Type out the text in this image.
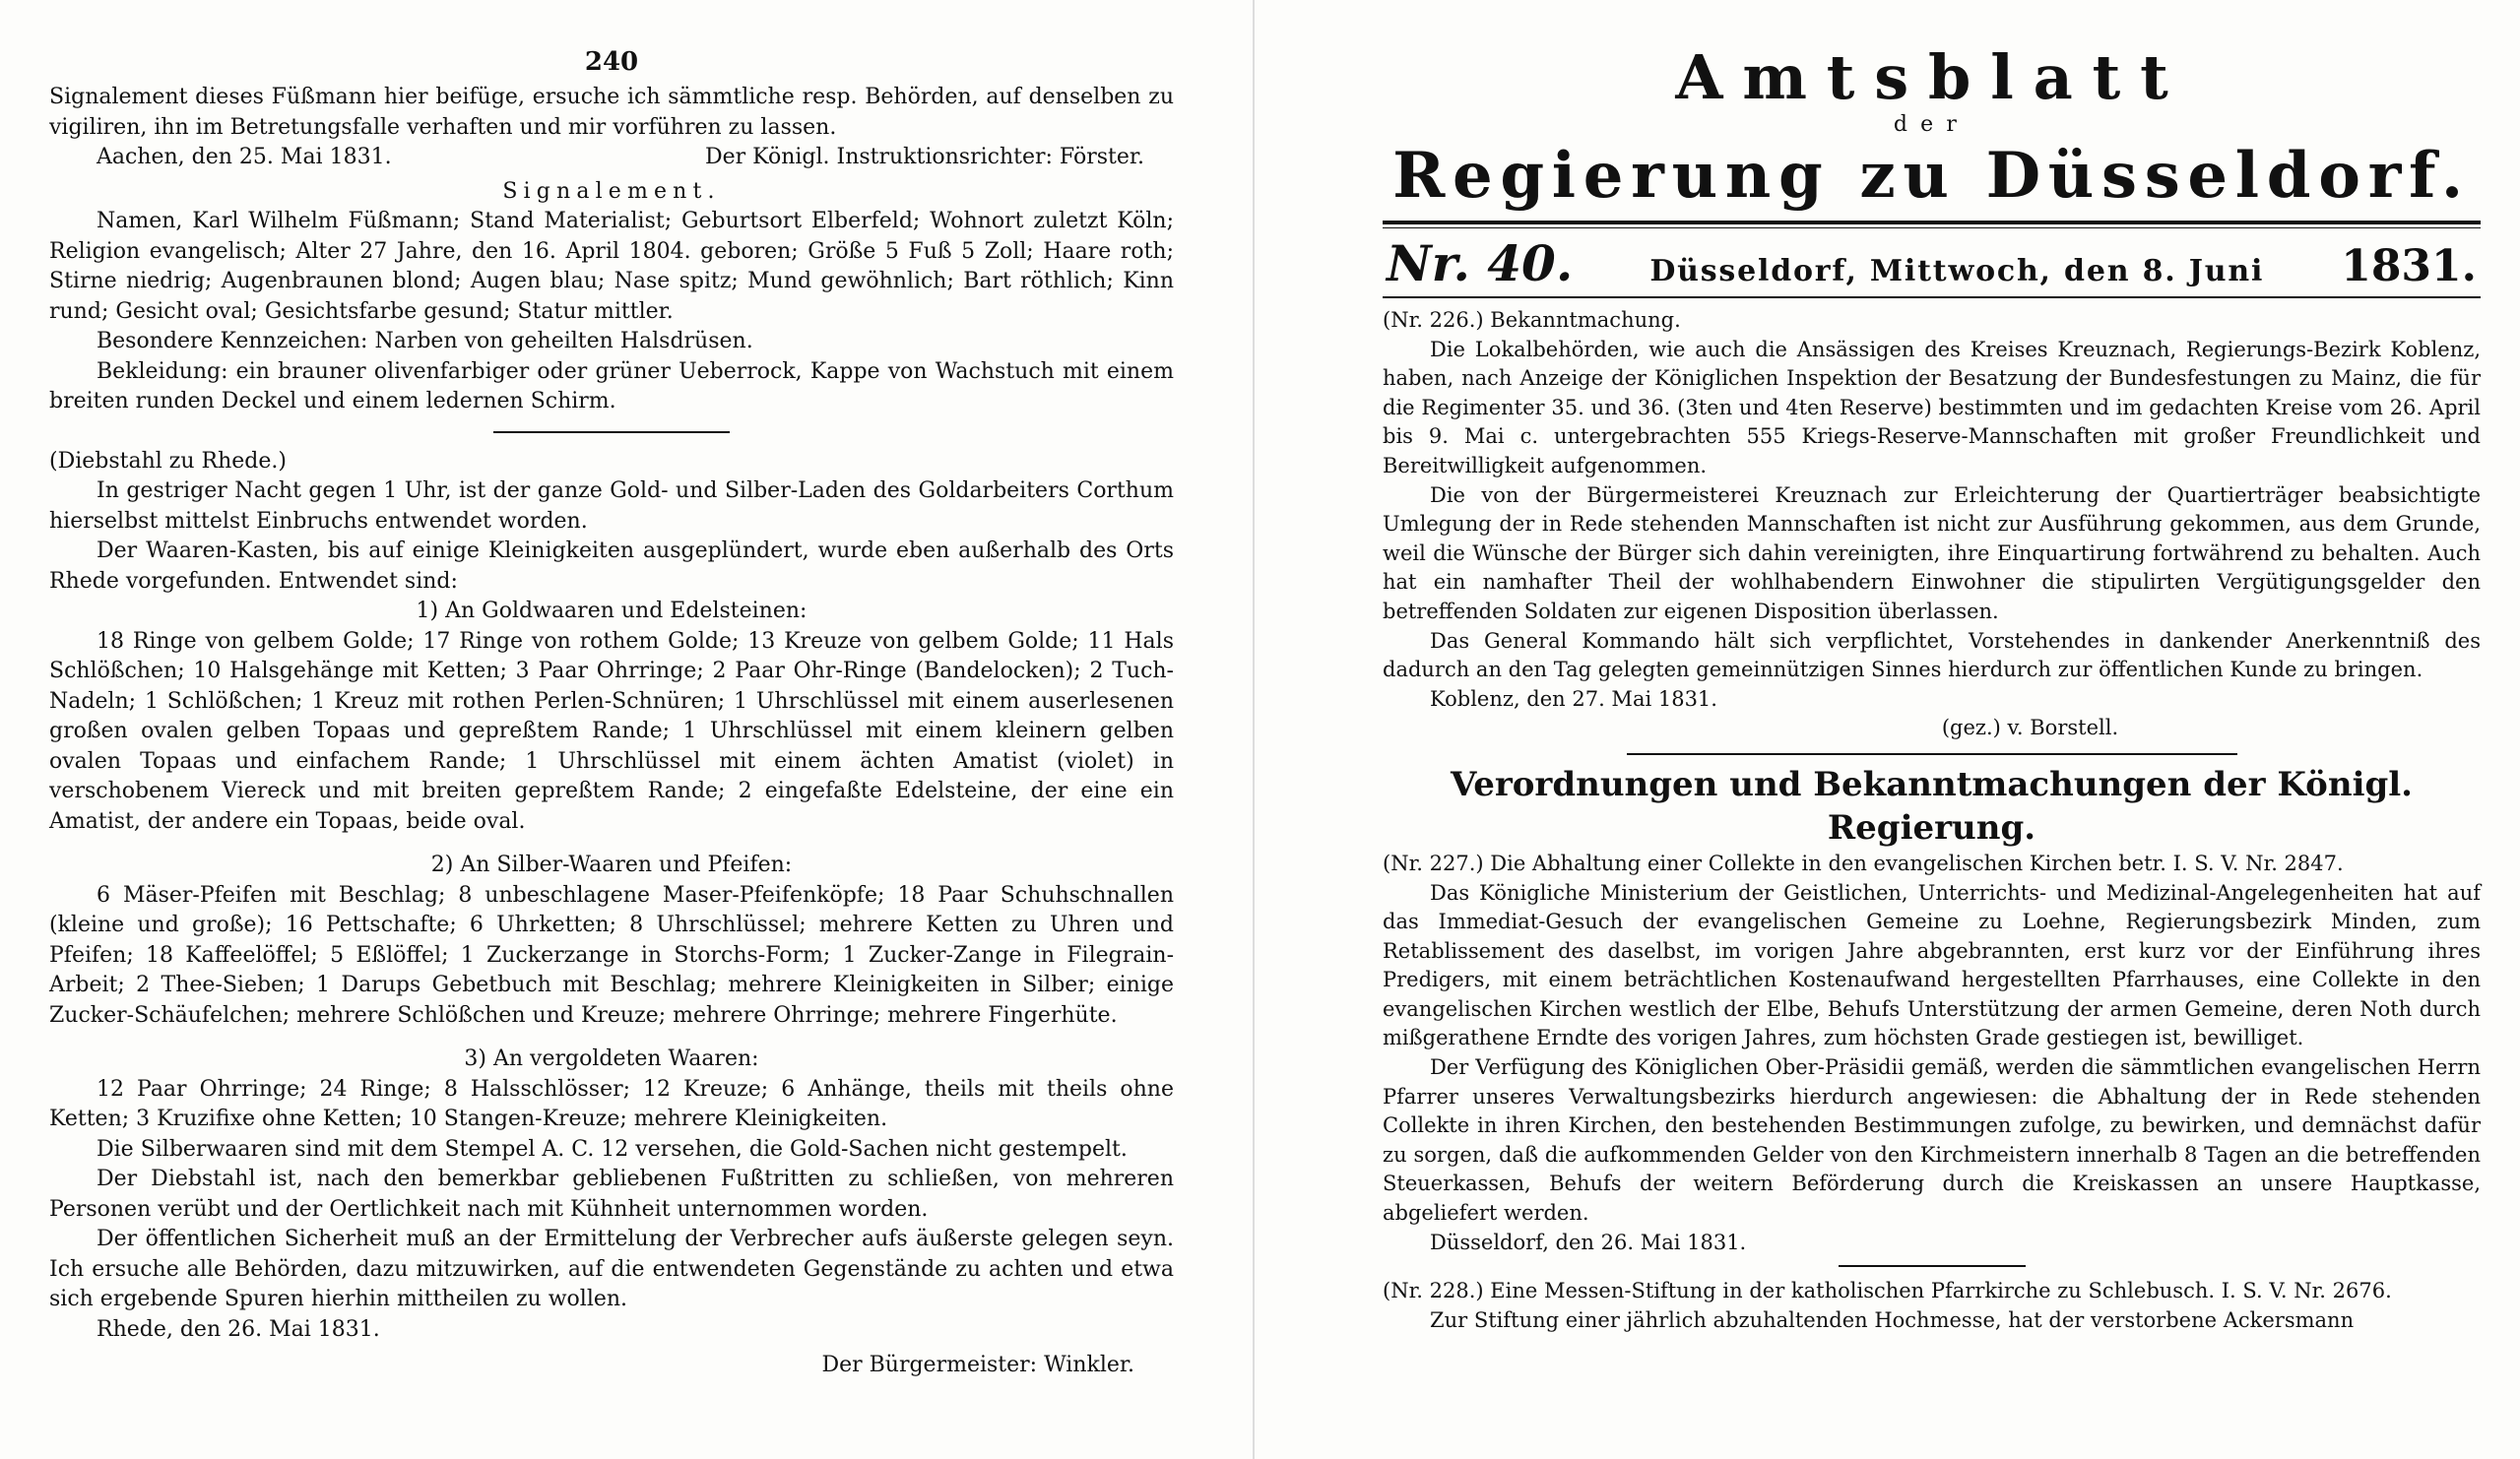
240

Signalement dieses Füßmann hier beifüge, ersuche ich sämmtliche resp. Behörden, auf denselben zu vigiliren, ihn im Betretungsfalle verhaften und mir vorführen zu lassen.

Aachen, den 25. Mai 1831.	Der Königl. Instruktionsrichter: Förster.

Signalement.

Namen, Karl Wilhelm Füßmann; Stand Materialist; Geburtsort Elberfeld; Wohnort zuletzt Köln; Religion evangelisch; Alter 27 Jahre, den 16. April 1804. geboren; Größe 5 Fuß 5 Zoll; Haare roth; Stirne niedrig; Augenbraunen blond; Augen blau; Nase spitz; Mund gewöhnlich; Bart röthlich; Kinn rund; Gesicht oval; Gesichtsfarbe gesund; Statur mittler.

Besondere Kennzeichen: Narben von geheilten Halsdrüsen.

Bekleidung: ein brauner olivenfarbiger oder grüner Ueberrock, Kappe von Wachstuch mit einem breiten runden Deckel und einem ledernen Schirm.

(Diebstahl zu Rhede.)

In gestriger Nacht gegen 1 Uhr, ist der ganze Gold- und Silber-Laden des Goldarbeiters Corthum hierselbst mittelst Einbruchs entwendet worden.

Der Waaren-Kasten, bis auf einige Kleinigkeiten ausgeplündert, wurde eben außerhalb des Orts Rhede vorgefunden. Entwendet sind:

1) An Goldwaaren und Edelsteinen:

18 Ringe von gelbem Golde; 17 Ringe von rothem Golde; 13 Kreuze von gelbem Golde; 11 Hals Schlößchen; 10 Halsgehänge mit Ketten; 3 Paar Ohrringe; 2 Paar Ohr-Ringe (Bandelocken); 2 Tuch-Nadeln; 1 Schlößchen; 1 Kreuz mit rothen Perlen-Schnüren; 1 Uhrschlüssel mit einem auserlesenen großen ovalen gelben Topaas und gepreßtem Rande; 1 Uhrschlüssel mit einem kleinern gelben ovalen Topaas und einfachem Rande; 1 Uhrschlüssel mit einem ächten Amatist (violet) in verschobenem Viereck und mit breiten gepreßtem Rande; 2 eingefaßte Edelsteine, der eine ein Amatist, der andere ein Topaas, beide oval.

2) An Silber-Waaren und Pfeifen:

6 Mäser-Pfeifen mit Beschlag; 8 unbeschlagene Maser-Pfeifenköpfe; 18 Paar Schuhschnallen (kleine und große); 16 Pettschafte; 6 Uhrketten; 8 Uhrschlüssel; mehrere Ketten zu Uhren und Pfeifen; 18 Kaffeelöffel; 5 Eßlöffel; 1 Zuckerzange in Storchs-Form; 1 Zucker-Zange in Filegrain-Arbeit; 2 Thee-Sieben; 1 Darups Gebetbuch mit Beschlag; mehrere Kleinigkeiten in Silber; einige Zucker-Schäufelchen; mehrere Schlößchen und Kreuze; mehrere Ohrringe; mehrere Fingerhüte.

3) An vergoldeten Waaren:

12 Paar Ohrringe; 24 Ringe; 8 Halsschlösser; 12 Kreuze; 6 Anhänge, theils mit theils ohne Ketten; 3 Kruzifixe ohne Ketten; 10 Stangen-Kreuze; mehrere Kleinigkeiten.

Die Silberwaaren sind mit dem Stempel A. C. 12 versehen, die Gold-Sachen nicht gestempelt.

Der Diebstahl ist, nach den bemerkbar gebliebenen Fußtritten zu schließen, von mehreren Personen verübt und der Oertlichkeit nach mit Kühnheit unternommen worden.

Der öffentlichen Sicherheit muß an der Ermittelung der Verbrecher aufs äußerste gelegen seyn. Ich ersuche alle Behörden, dazu mitzuwirken, auf die entwendeten Gegenstände zu achten und etwa sich ergebende Spuren hierhin mittheilen zu wollen.

Rhede, den 26. Mai 1831.

Der Bürgermeister: Winkler.

Amtsblatt
der
Regierung zu Düsseldorf.
Nr. 40.	Düsseldorf, Mittwoch, den 8. Juni 1831.

(Nr. 226.) Bekanntmachung.

Die Lokalbehörden, wie auch die Ansässigen des Kreises Kreuznach, Regierungs-Bezirk Koblenz, haben, nach Anzeige der Königlichen Inspektion der Besatzung der Bundesfestungen zu Mainz, die für die Regimenter 35. und 36. (3ten und 4ten Reserve) bestimmten und im gedachten Kreise vom 26. April bis 9. Mai c. untergebrachten 555 Kriegs-Reserve-Mannschaften mit großer Freundlichkeit und Bereitwilligkeit aufgenommen.

Die von der Bürgermeisterei Kreuznach zur Erleichterung der Quartierträger beabsichtigte Umlegung der in Rede stehenden Mannschaften ist nicht zur Ausführung gekommen, aus dem Grunde, weil die Wünsche der Bürger sich dahin vereinigten, ihre Einquartirung fortwährend zu behalten. Auch hat ein namhafter Theil der wohlhabendern Einwohner die stipulirten Vergütigungsgelder den betreffenden Soldaten zur eigenen Disposition überlassen.

Das General Kommando hält sich verpflichtet, Vorstehendes in dankender Anerkenntniß des dadurch an den Tag gelegten gemeinnützigen Sinnes hierdurch zur öffentlichen Kunde zu bringen.

Koblenz, den 27. Mai 1831.

(gez.) v. Borstell.

Verordnungen und Bekanntmachungen der Königl. Regierung.

(Nr. 227.) Die Abhaltung einer Collekte in den evangelischen Kirchen betr. I. S. V. Nr. 2847.

Das Königliche Ministerium der Geistlichen, Unterrichts- und Medizinal-Angelegenheiten hat auf das Immediat-Gesuch der evangelischen Gemeine zu Loehne, Regierungsbezirk Minden, zum Retablissement des daselbst, im vorigen Jahre abgebrannten, erst kurz vor der Einführung ihres Predigers, mit einem beträchtlichen Kostenaufwand hergestellten Pfarrhauses, eine Collekte in den evangelischen Kirchen westlich der Elbe, Behufs Unterstützung der armen Gemeine, deren Noth durch mißgerathene Erndte des vorigen Jahres, zum höchsten Grade gestiegen ist, bewilliget.

Der Verfügung des Königlichen Ober-Präsidii gemäß, werden die sämmtlichen evangelischen Herrn Pfarrer unseres Verwaltungsbezirks hierdurch angewiesen: die Abhaltung der in Rede stehenden Collekte in ihren Kirchen, den bestehenden Bestimmungen zufolge, zu bewirken, und demnächst dafür zu sorgen, daß die aufkommenden Gelder von den Kirchmeistern innerhalb 8 Tagen an die betreffenden Steuerkassen, Behufs der weitern Beförderung durch die Kreiskassen an unsere Hauptkasse, abgeliefert werden.

Düsseldorf, den 26. Mai 1831.

(Nr. 228.) Eine Messen-Stiftung in der katholischen Pfarrkirche zu Schlebusch. I. S. V. Nr. 2676.

Zur Stiftung einer jährlich abzuhaltenden Hochmesse, hat der verstorbene Ackersmann
